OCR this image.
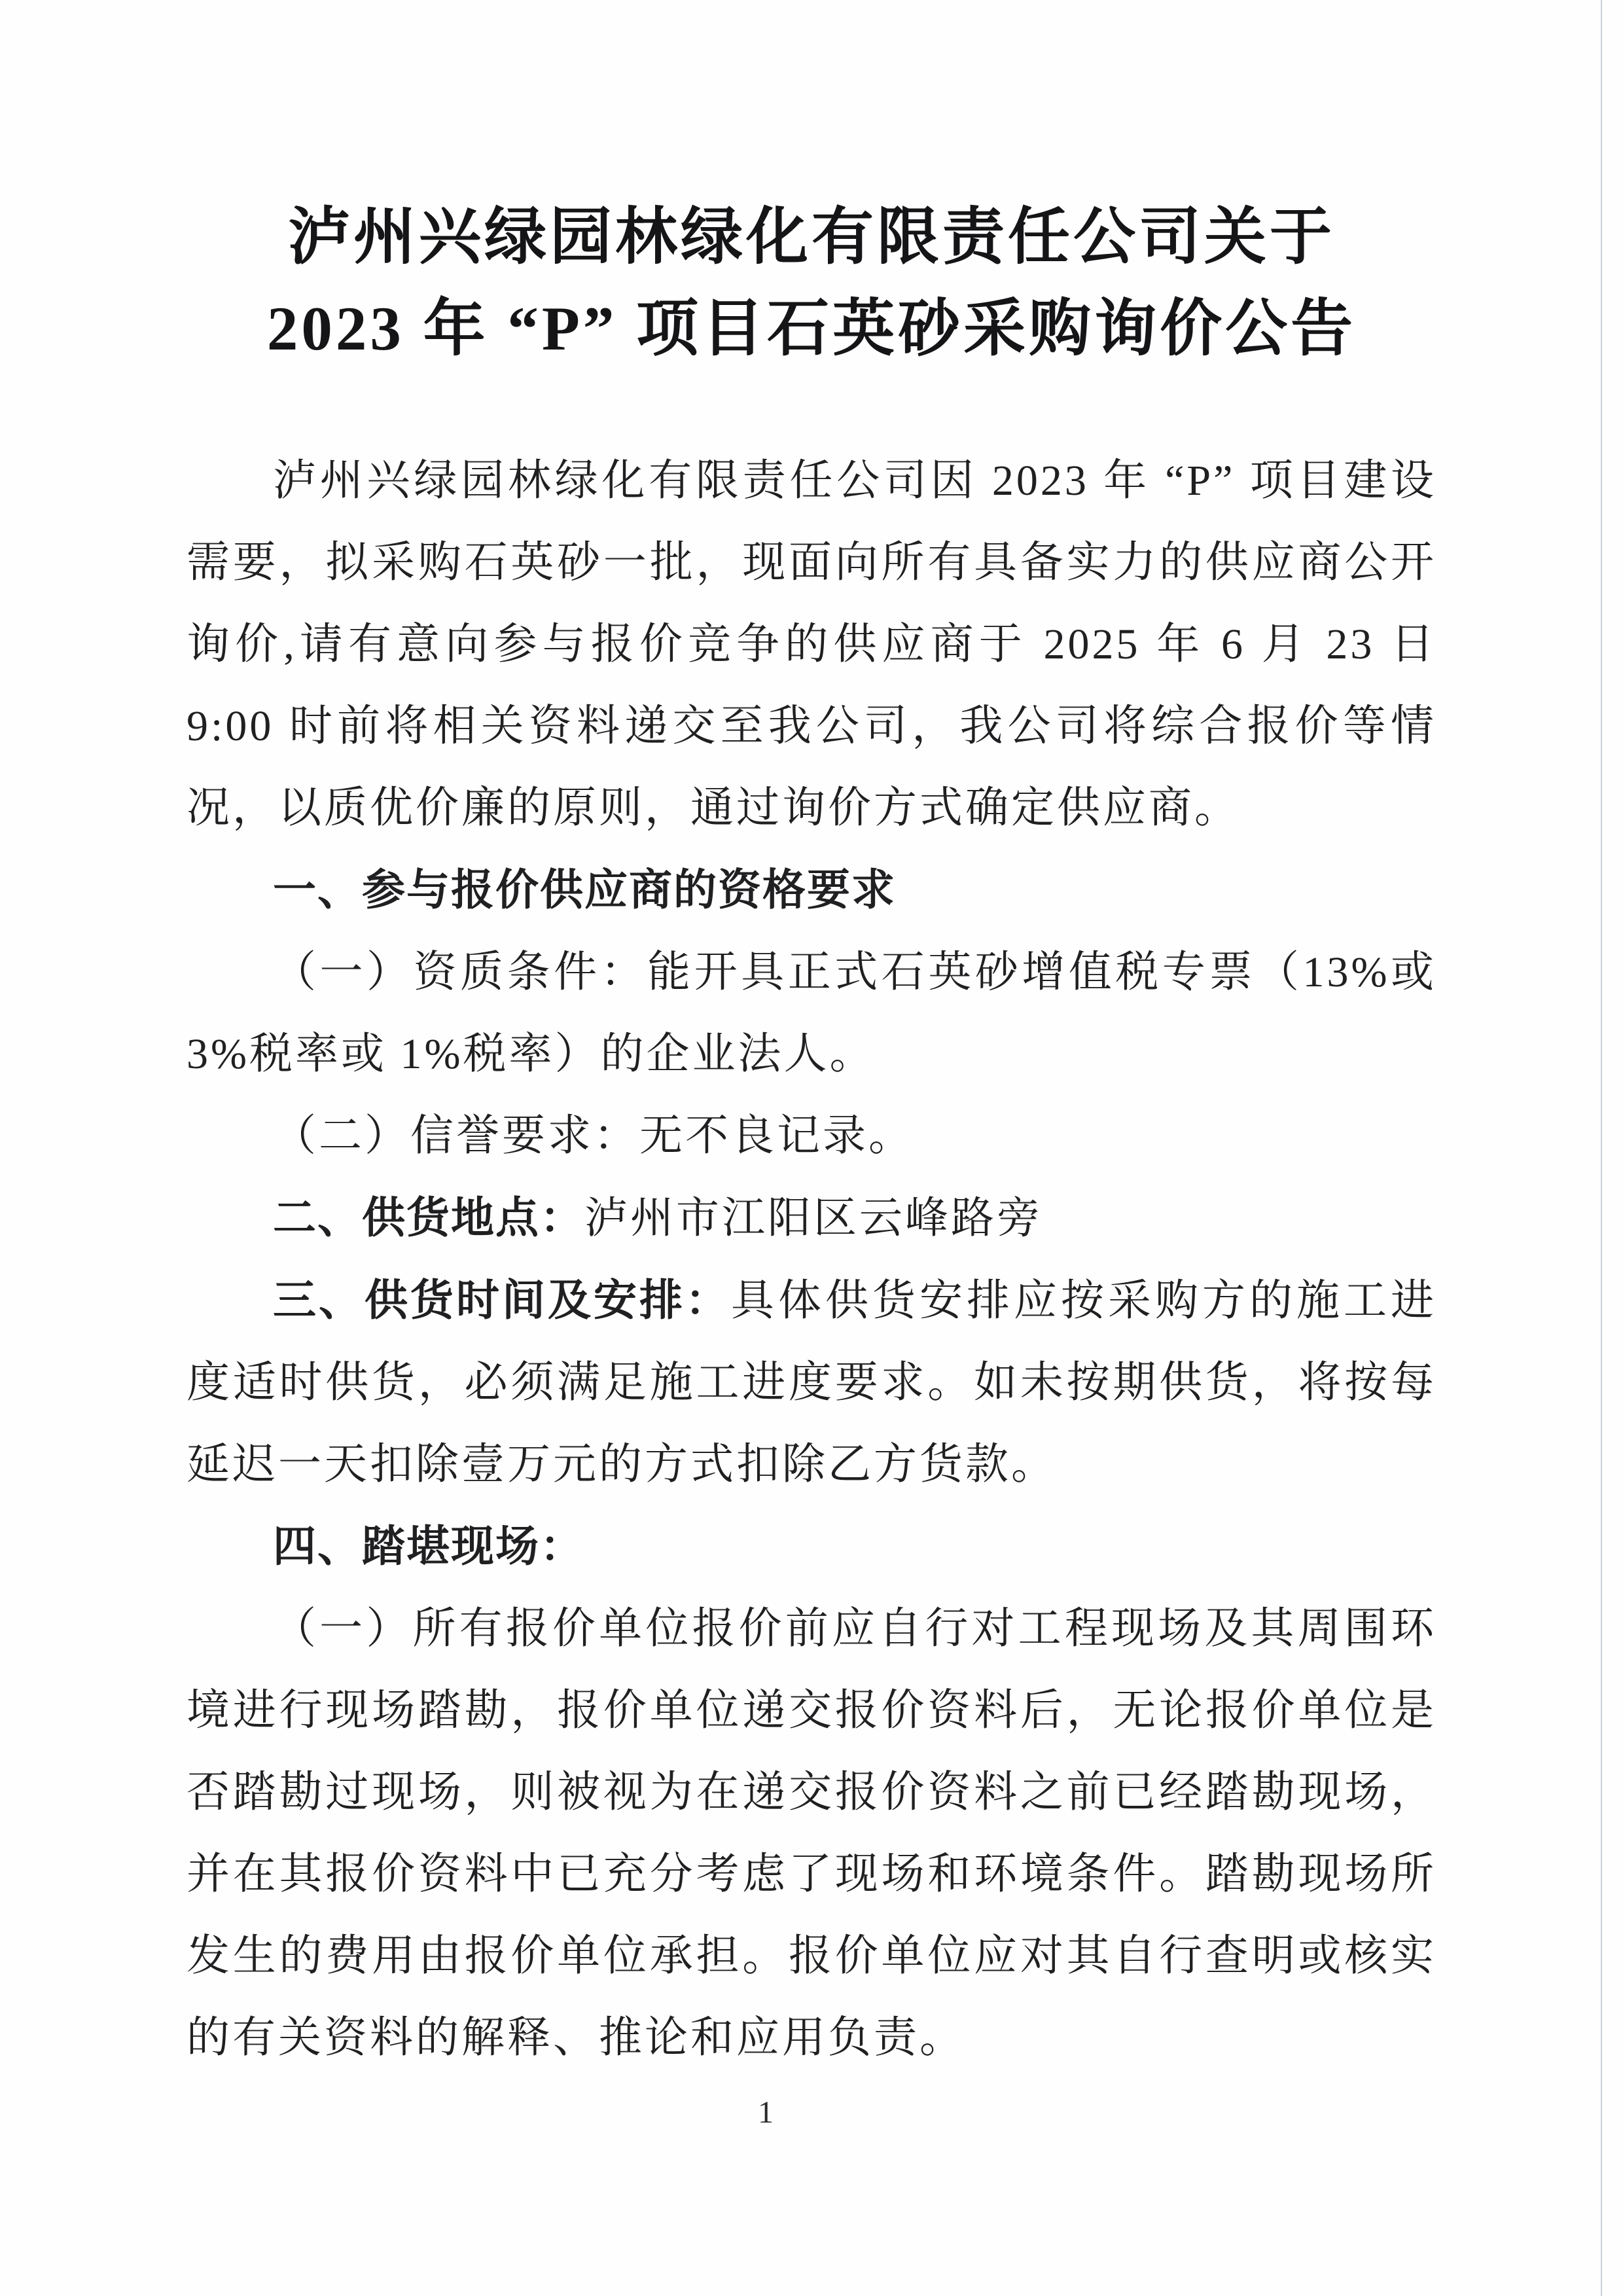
泸州兴绿园林绿化有限责任公司关于
2023 年 “P” 项目石英砂采购询价公告

泸州兴绿园林绿化有限责任公司因 2023 年 “P” 项目建设需要，拟采购石英砂一批，现面向所有具备实力的供应商公开询价,请有意向参与报价竞争的供应商于 2025 年 6 月 23 日 9:00 时前将相关资料递交至我公司，我公司将综合报价等情况，以质优价廉的原则，通过询价方式确定供应商。

一、参与报价供应商的资格要求

（一）资质条件：能开具正式石英砂增值税专票（13%或 3%税率或 1%税率）的企业法人。

（二）信誉要求：无不良记录。

二、供货地点：泸州市江阳区云峰路旁

三、供货时间及安排：具体供货安排应按采购方的施工进度适时供货，必须满足施工进度要求。如未按期供货，将按每延迟一天扣除壹万元的方式扣除乙方货款。

四、踏堪现场：

（一）所有报价单位报价前应自行对工程现场及其周围环境进行现场踏勘，报价单位递交报价资料后，无论报价单位是否踏勘过现场，则被视为在递交报价资料之前已经踏勘现场，并在其报价资料中已充分考虑了现场和环境条件。踏勘现场所发生的费用由报价单位承担。报价单位应对其自行查明或核实的有关资料的解释、推论和应用负责。

1
